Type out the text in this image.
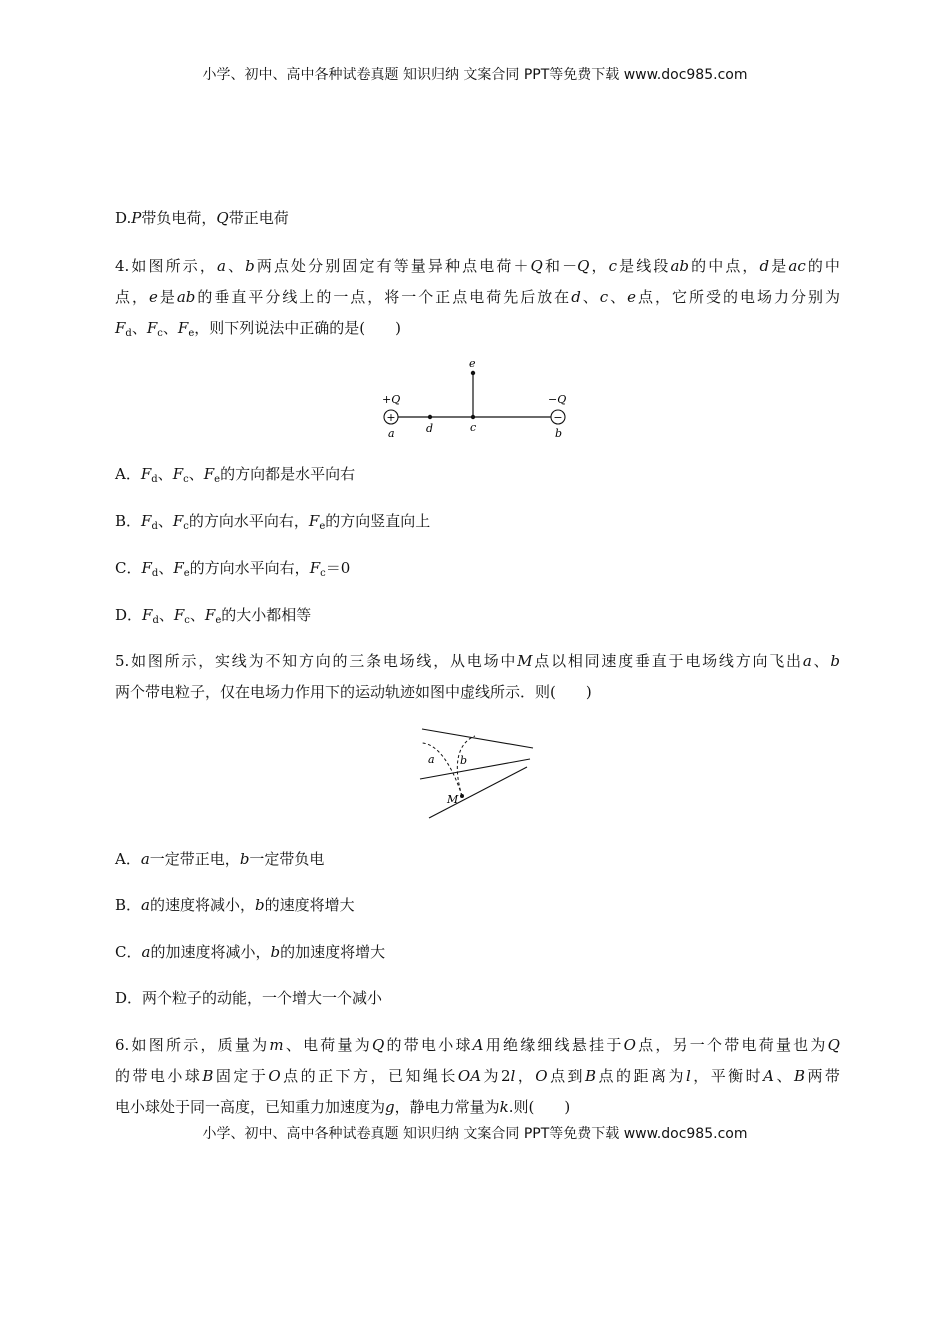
小学、初中、高中各种试卷真题 知识归纳 文案合同 PPT等免费下载 www.doc985.com
D.P带负电荷，Q带正电荷
4.如图所示，a、b两点处分别固定有等量异种点电荷＋Q和－Q，c是线段ab的中点，d是ac的中
点，e是ab的垂直平分线上的一点，将一个正点电荷先后放在d、c、e点，它所受的电场力分别为
$F_d$、$F_c$、$F_e$，则下列说法中正确的是(　　)
+	−
+Q	−Q
a	d	c	b
e
A．$F_d$、$F_c$、$F_e$的方向都是水平向右
B．$F_d$、$F_c$的方向水平向右，$F_e$的方向竖直向上
C．$F_d$、$F_e$的方向水平向右，$F_c=0$
D．$F_d$、$F_c$、$F_e$的大小都相等
5.如图所示，实线为不知方向的三条电场线，从电场中M点以相同速度垂直于电场线方向飞出a、b
两个带电粒子，仅在电场力作用下的运动轨迹如图中虚线所示．则(　　)
a b
M
A．a一定带正电，b一定带负电
B．a的速度将减小，b的速度将增大
C．a的加速度将减小，b的加速度将增大
D．两个粒子的动能，一个增大一个减小
6.如图所示，质量为m、电荷量为Q的带电小球A用绝缘细线悬挂于O点，另一个带电荷量也为Q
的带电小球B固定于O点的正下方，已知绳长OA为2l，O点到B点的距离为l，平衡时A、B两带
电小球处于同一高度，已知重力加速度为g，静电力常量为k.则(　　)
小学、初中、高中各种试卷真题 知识归纳 文案合同 PPT等免费下载 www.doc985.com
